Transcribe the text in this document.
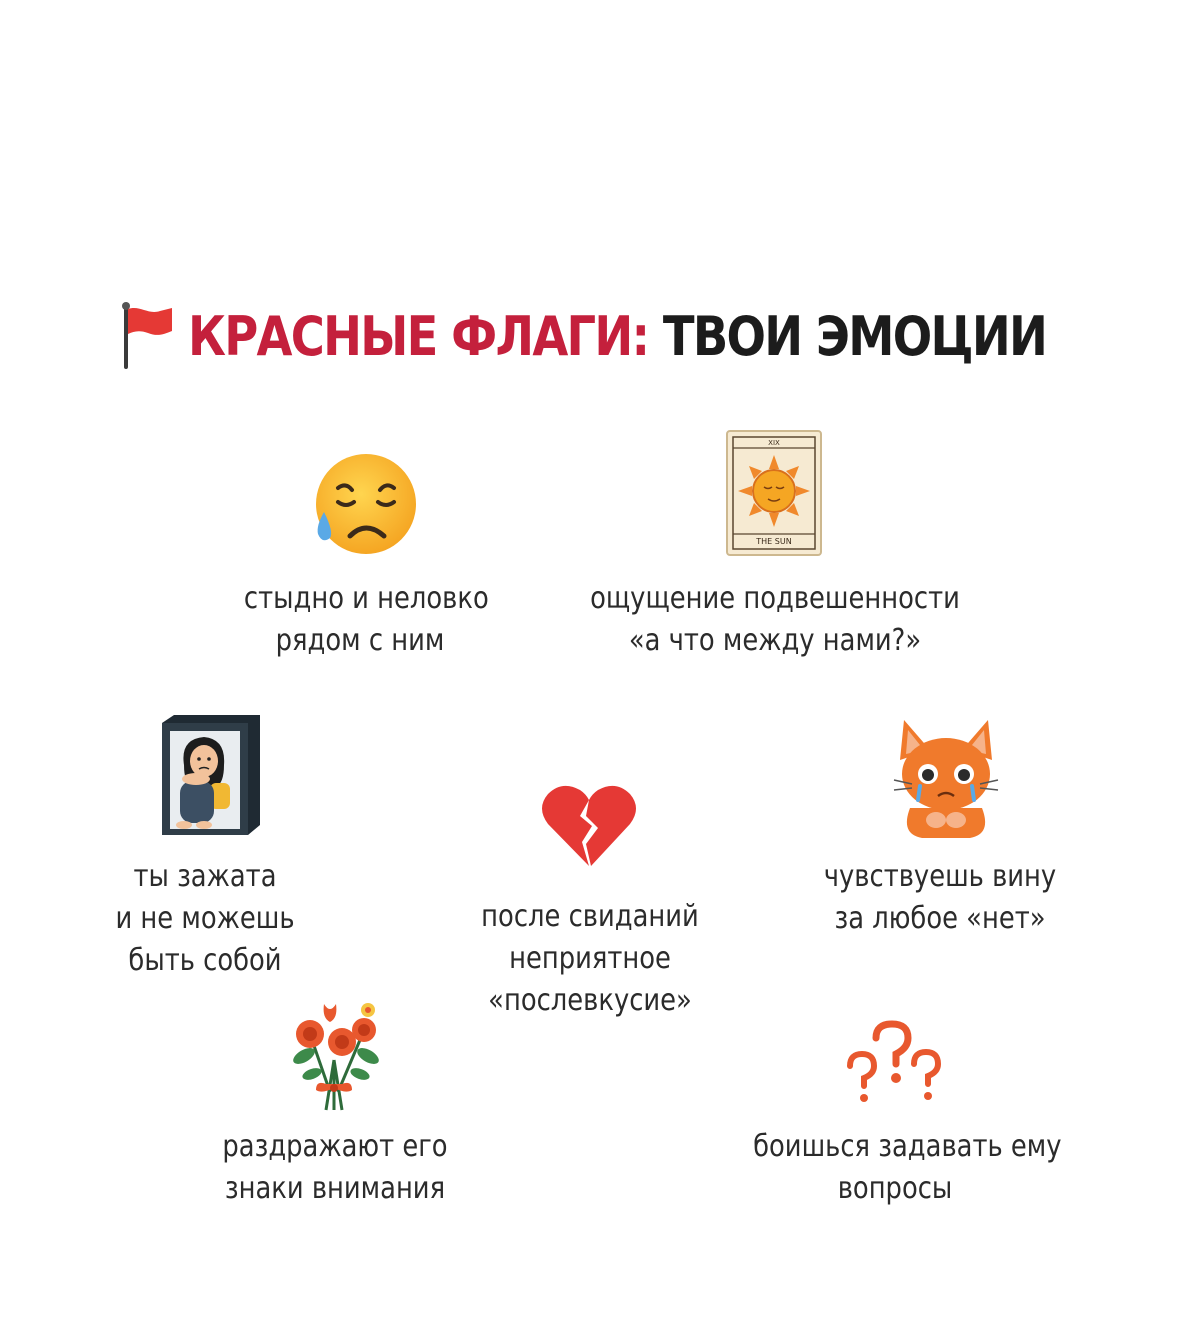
КРАСНЫЕ ФЛАГИ: ТВОИ ЭМОЦИИ
стыдно и неловко
рядом с ним
XIX
THE SUN
ощущение подвешенности
«а что между нами?»
ты зажата
и не можешь
быть собой
после свиданий
неприятное
«послевкусие»
чувствуешь вину
за любое «нет»
раздражают его
знаки внимания
боишься задавать ему
вопросы
